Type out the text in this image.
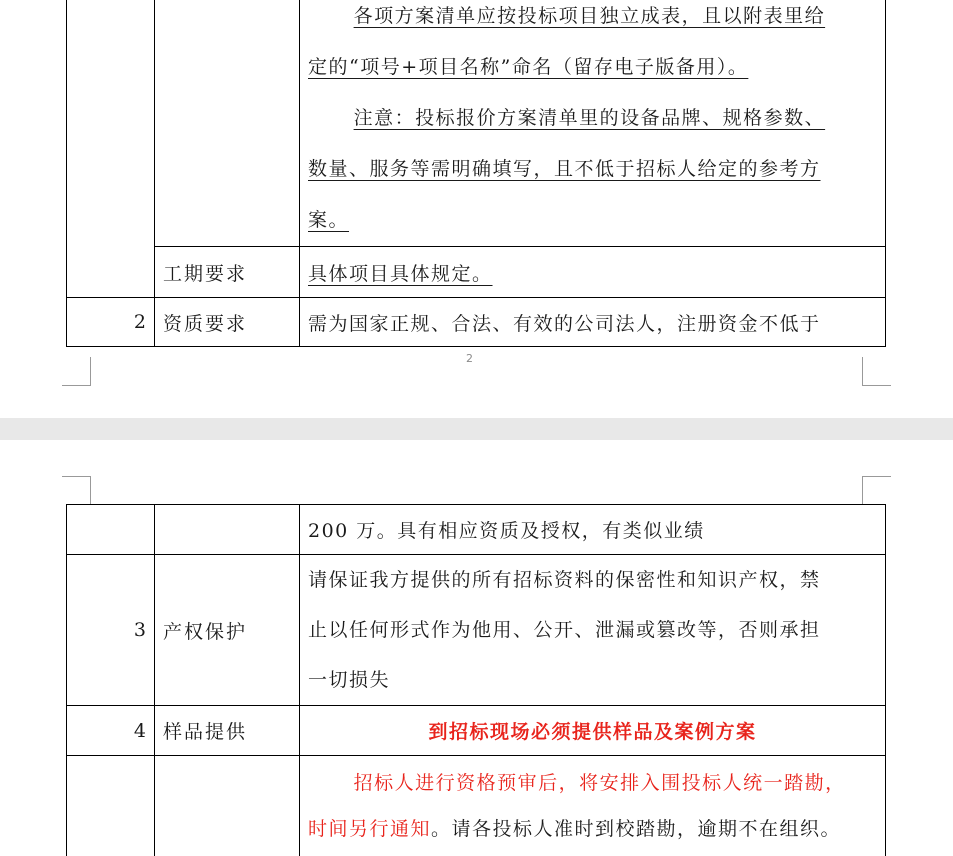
		各项方案清单应按投标项目独立成表，且以附表里给
定的“项号+项目名称”命名（留存电子版备用）。
注意：投标报价方案清单里的设备品牌、规格参数、
数量、服务等需明确填写，且不低于招标人给定的参考方
案。

	工期要求	具体项目具体规定。
2	资质要求	需为国家正规、合法、有效的公司法人，注册资金不低于
2
		200 万。具有相应资质及授权，有类似业绩
3	产权保护	请保证我方提供的所有招标资料的保密性和知识产权，禁
止以任何形式作为他用、公开、泄漏或篡改等，否则承担
一切损失

4	样品提供	到招标现场必须提供样品及案例方案

		招标人进行资格预审后，将安排入围投标人统一踏勘，
时间另行通知。请各投标人准时到校踏勘，逾期不在组织。
